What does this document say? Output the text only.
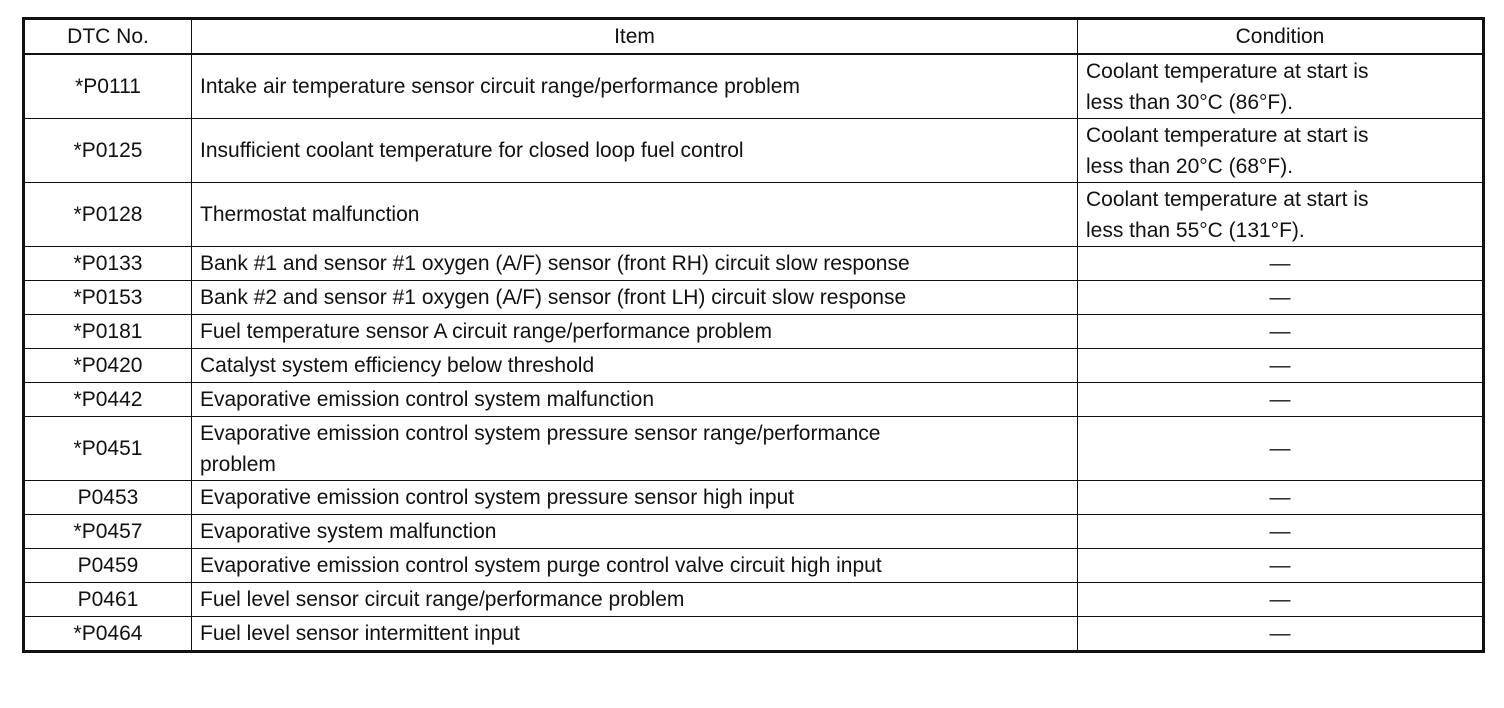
DTC No.	Item	Condition
*P0111	Intake air temperature sensor circuit range/performance problem	Coolant temperature at start is
less than 30°C (86°F).
*P0125	Insufficient coolant temperature for closed loop fuel control	Coolant temperature at start is
less than 20°C (68°F).
*P0128	Thermostat malfunction	Coolant temperature at start is
less than 55°C (131°F).
*P0133	Bank #1 and sensor #1 oxygen (A/F) sensor (front RH) circuit slow response	—
*P0153	Bank #2 and sensor #1 oxygen (A/F) sensor (front LH) circuit slow response	—
*P0181	Fuel temperature sensor A circuit range/performance problem	—
*P0420	Catalyst system efficiency below threshold	—
*P0442	Evaporative emission control system malfunction	—
*P0451	Evaporative emission control system pressure sensor range/performance
problem	—
P0453	Evaporative emission control system pressure sensor high input	—
*P0457	Evaporative system malfunction	—
P0459	Evaporative emission control system purge control valve circuit high input	—
P0461	Fuel level sensor circuit range/performance problem	—
*P0464	Fuel level sensor intermittent input	—
